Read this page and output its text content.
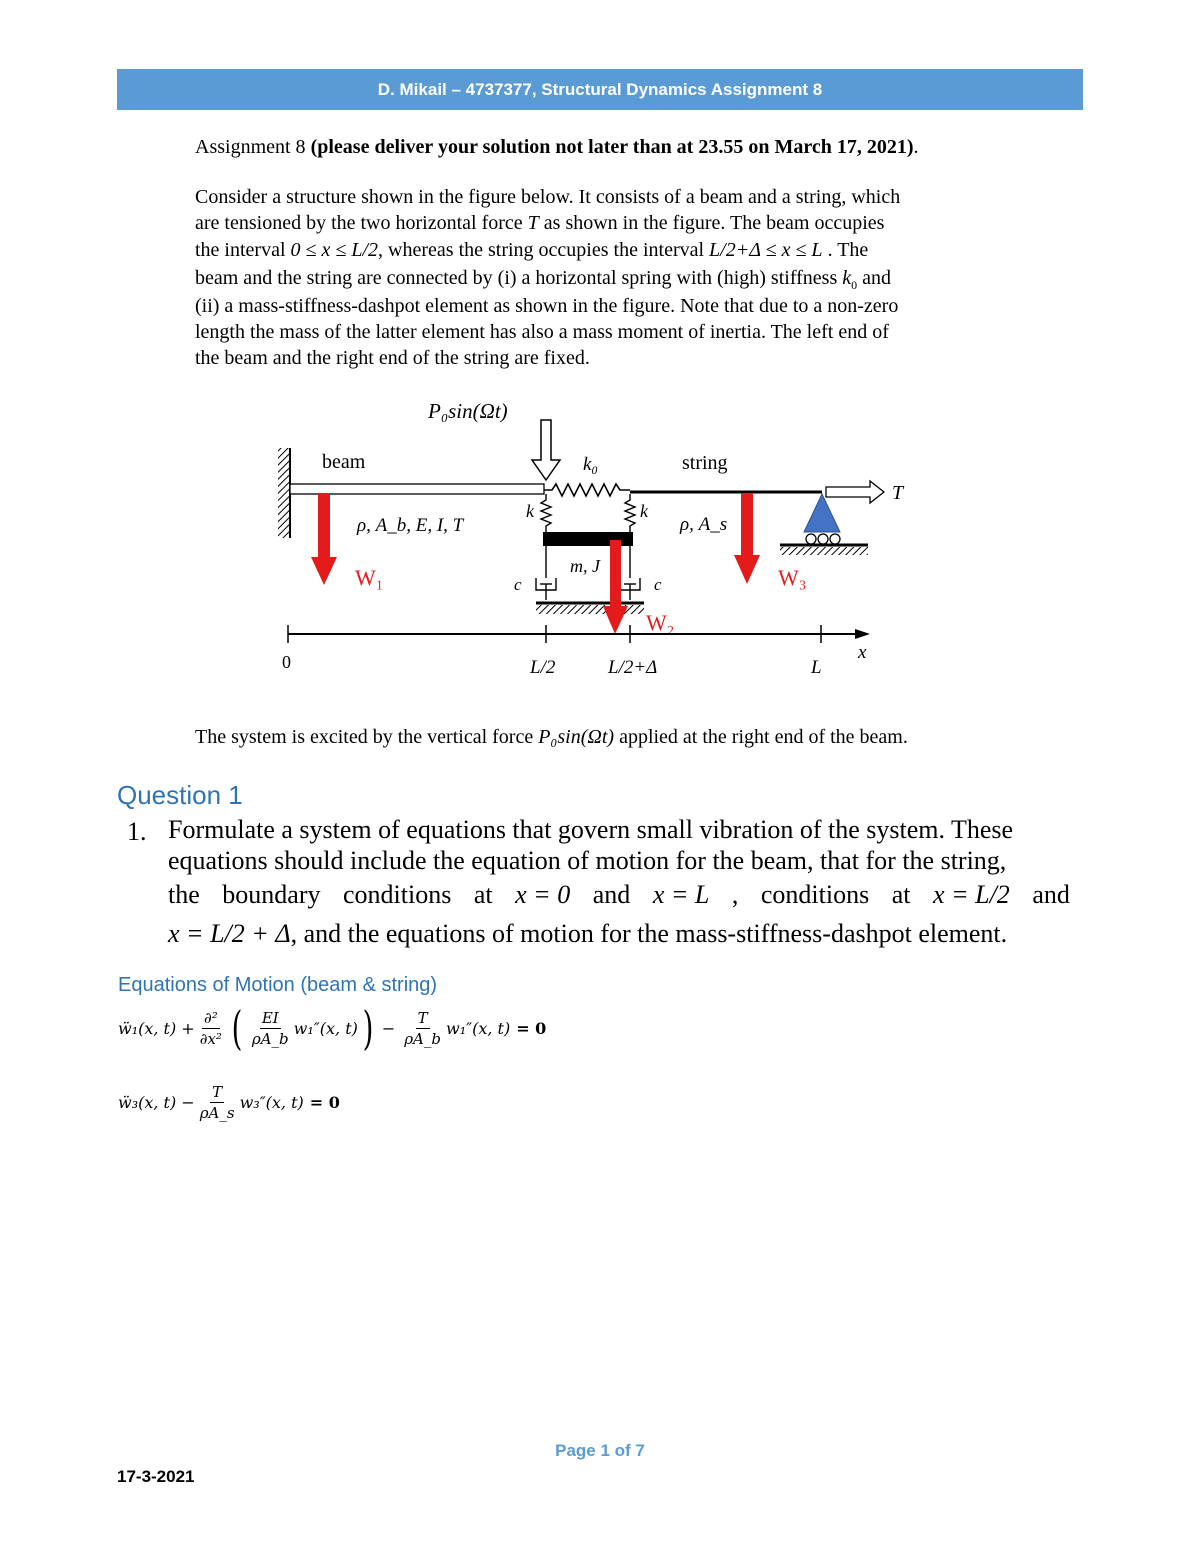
D. Mikail – 4737377, Structural Dynamics Assignment 8
Assignment 8 (please deliver your solution not later than at 23.55 on March 17, 2021).
Consider a structure shown in the figure below. It consists of a beam and a string, which
are tensioned by the two horizontal force T as shown in the figure. The beam occupies
the interval 0 ≤ x ≤ L/2, whereas the string occupies the interval L/2+Δ ≤ x ≤ L . The
beam and the string are connected by (i) a horizontal spring with (high) stiffness $k_0$ and
(ii) a mass-stiffness-dashpot element as shown in the figure. Note that due to a non-zero
length the mass of the latter element has also a mass moment of inertia. The left end of
the beam and the right end of the string are fixed.
P₀sin(Ωt)
beam
ρ, A_b, E, I, T
k₀	string
ρ, A_s
T
k	k
m, J
c	c
W₁
W₂
W₃
0	L/2	L/2+Δ	L
x
The system is excited by the vertical force P₀sin(Ωt) applied at the right end of the beam.
Question 1
1. Formulate a system of equations that govern small vibration of the system. These
equations should include the equation of motion for the beam, that for the string,
the boundary conditions at x = 0 and x = L , conditions at x = L/2 and
x = L/2 + Δ, and the equations of motion for the mass-stiffness-dashpot element.
Equations of Motion (beam & string)
ẅ₁(x, $t) + \frac{\text{∂²}}{\text{∂x²}}$ ( $\frac{EI}{\rho A\_b} w_1''(x$, t) ) − $\frac{T}{\rho A\_b} w_1''(x$, t) = 0
ẅ₃(x, $t) - \frac{T}{\rho A\_s} w_3''(x$, t) = 0
Page 1 of 7
17-3-2021
